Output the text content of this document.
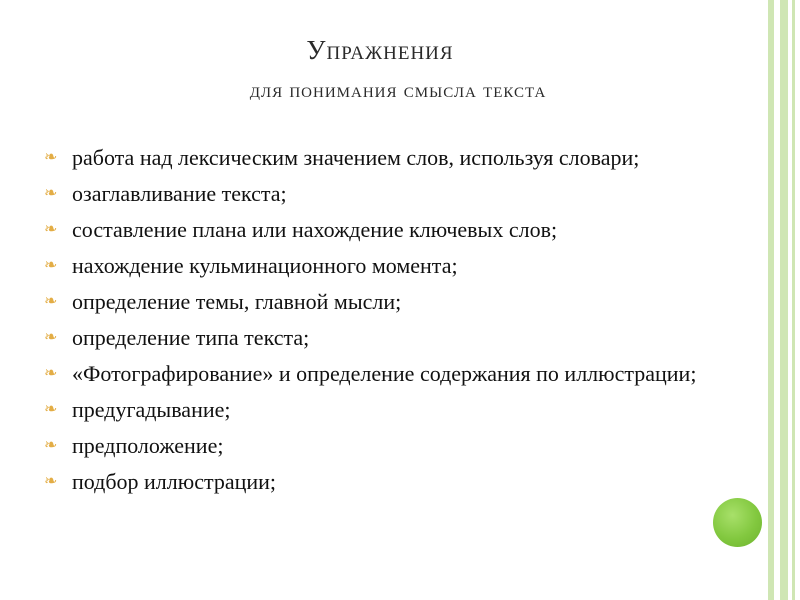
Упражнения
для понимания смысла текста
❧ работа над лексическим значением слов, используя словари;
❧ озаглавливание текста;
❧ составление плана или нахождение ключевых слов;
❧ нахождение кульминационного момента;
❧ определение темы, главной мысли;
❧ определение типа текста;
❧ «Фотографирование» и определение содержания по иллюстрации;
❧ предугадывание;
❧ предположение;
❧ подбор иллюстрации;
